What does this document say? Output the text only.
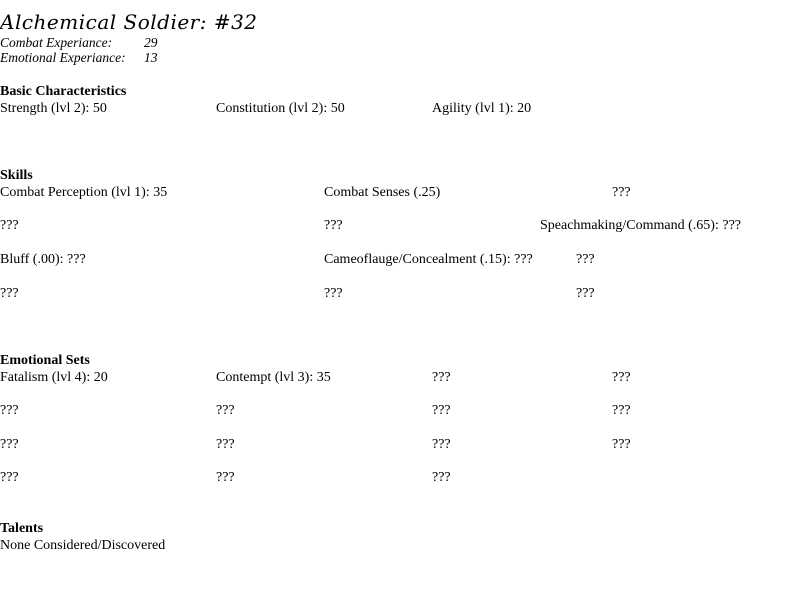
Alchemical Soldier: #32
Combat Experiance: 29
Emotional Experiance: 13
Basic Characteristics
Strength (lvl 2): 50	Constitution (lvl 2): 50	Agility (lvl 1): 20
Skills
Combat Perception (lvl 1): 35	Combat Senses (.25)	???
???	???	Speachmaking/Command (.65): ???
Bluff (.00): ???	Cameoflauge/Concealment (.15): ???	???
???	???	???
Emotional Sets
Fatalism (lvl 4): 20	Contempt (lvl 3): 35	???	???
???	???	???	???
???	???	???	???
???	???	???
Talents
None Considered/Discovered
